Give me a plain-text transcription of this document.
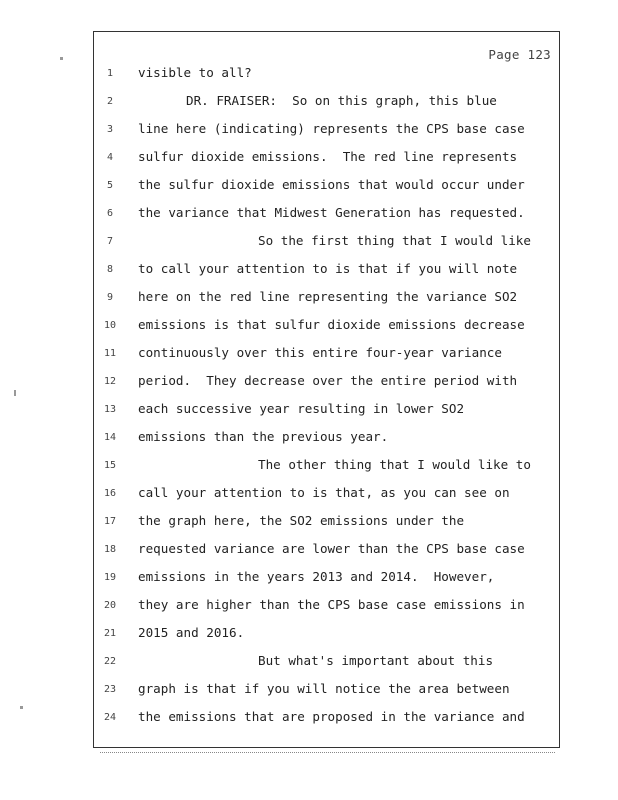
Page 123
1	visible to all?
2	DR. FRAISER:  So on this graph, this blue
3	line here (indicating) represents the CPS base case
4	sulfur dioxide emissions.  The red line represents
5	the sulfur dioxide emissions that would occur under
6	the variance that Midwest Generation has requested.
7	So the first thing that I would like
8	to call your attention to is that if you will note
9	here on the red line representing the variance SO2
10	emissions is that sulfur dioxide emissions decrease
11	continuously over this entire four-year variance
12	period.  They decrease over the entire period with
13	each successive year resulting in lower SO2
14	emissions than the previous year.
15	The other thing that I would like to
16	call your attention to is that, as you can see on
17	the graph here, the SO2 emissions under the
18	requested variance are lower than the CPS base case
19	emissions in the years 2013 and 2014.  However,
20	they are higher than the CPS base case emissions in
21	2015 and 2016.
22	But what's important about this
23	graph is that if you will notice the area between
24	the emissions that are proposed in the variance and
